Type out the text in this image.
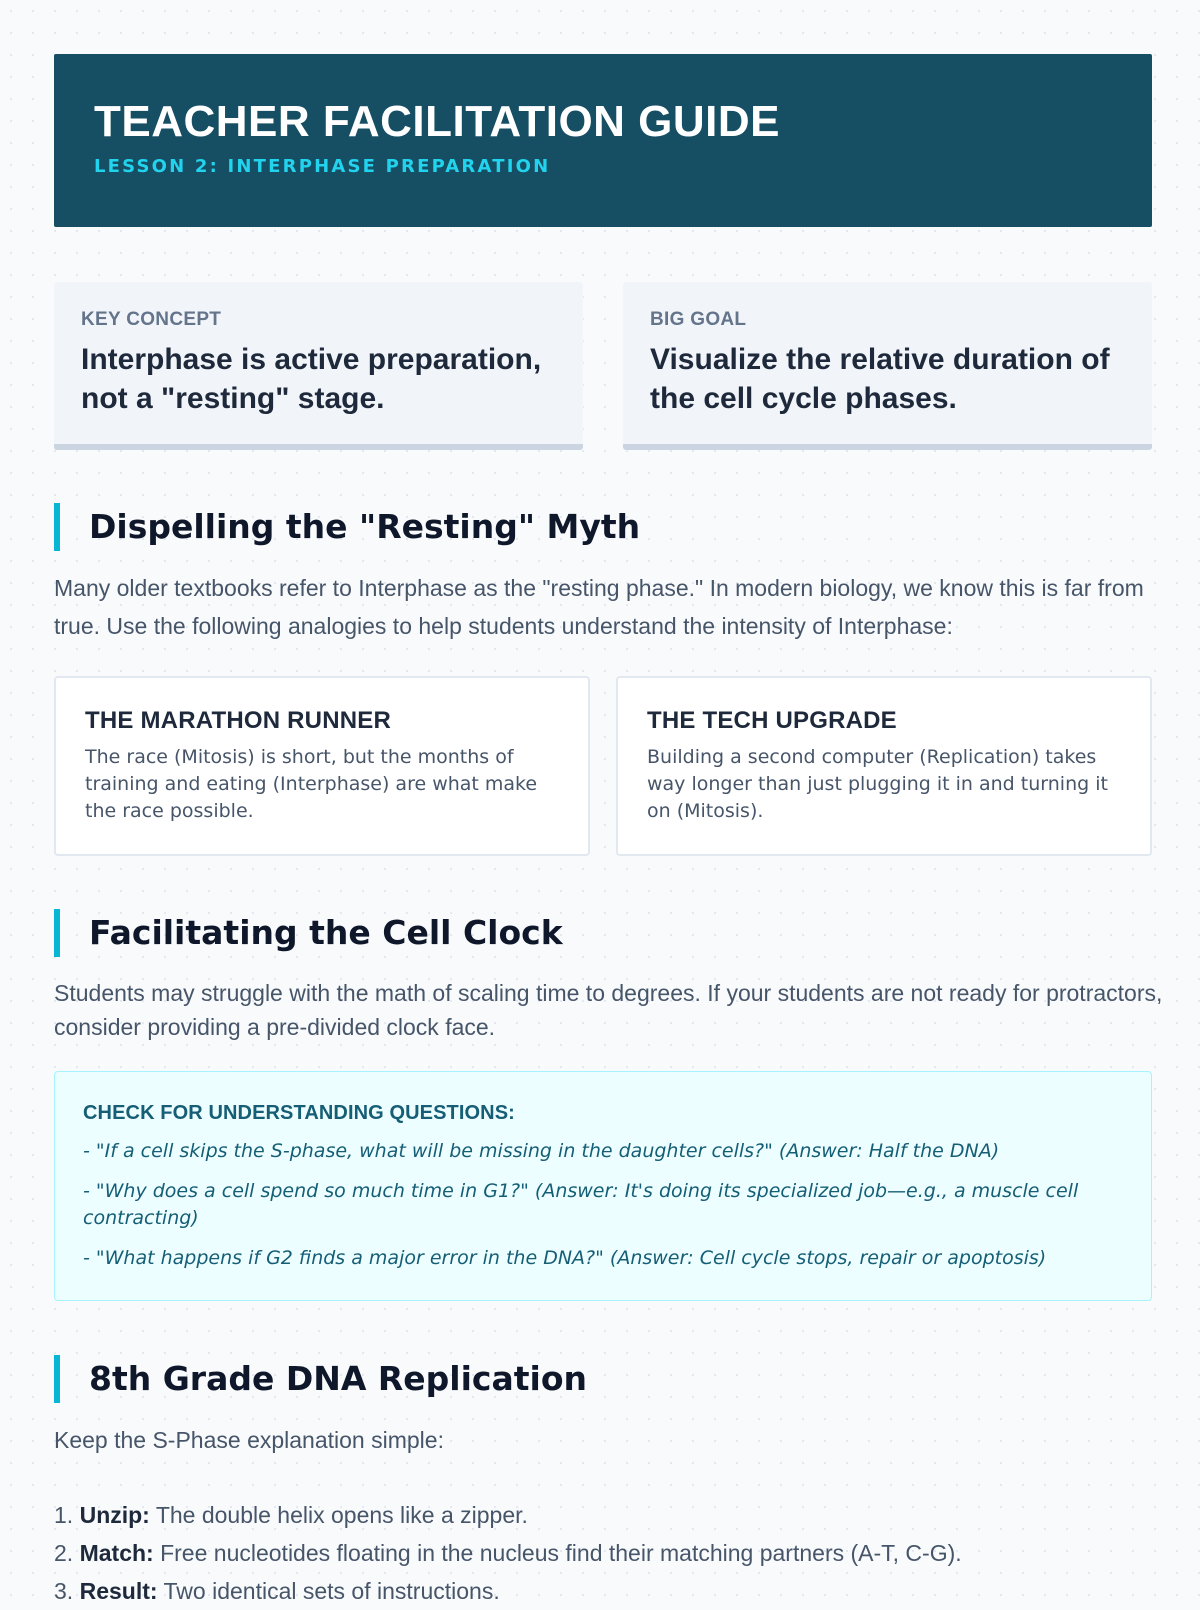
TEACHER FACILITATION GUIDE
LESSON 2: INTERPHASE PREPARATION
KEY CONCEPT
Interphase is active preparation, not a "resting" stage.
BIG GOAL
Visualize the relative duration of the cell cycle phases.
Dispelling the "Resting" Myth

Many older textbooks refer to Interphase as the "resting phase." In modern biology, we know this is far from true. Use the following analogies to help students understand the intensity of Interphase:

THE MARATHON RUNNER
The race (Mitosis) is short, but the months of training and eating (Interphase) are what make the race possible.
THE TECH UPGRADE
Building a second computer (Replication) takes way longer than just plugging it in and turning it on (Mitosis).
Facilitating the Cell Clock

Students may struggle with the math of scaling time to degrees. If your students are not ready for protractors, consider providing a pre-divided clock face.

CHECK FOR UNDERSTANDING QUESTIONS:
- "If a cell skips the S-phase, what will be missing in the daughter cells?" (Answer: Half the DNA)
- "Why does a cell spend so much time in G1?" (Answer: It's doing its specialized job—e.g., a muscle cell contracting)
- "What happens if G2 finds a major error in the DNA?" (Answer: Cell cycle stops, repair or apoptosis)
8th Grade DNA Replication

Keep the S-Phase explanation simple:

1. Unzip: The double helix opens like a zipper.
2. Match: Free nucleotides floating in the nucleus find their matching partners (A-T, C-G).
3. Result: Two identical sets of instructions.
